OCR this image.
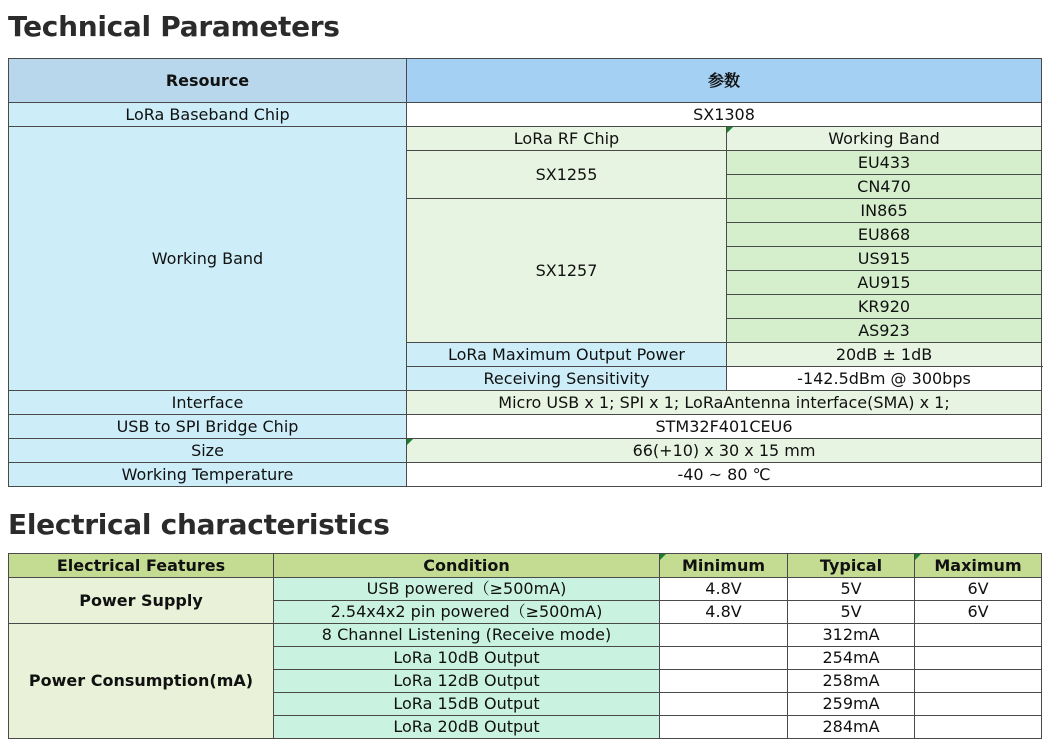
Technical Parameters
Resource	参数	
LoRa Baseband Chip	SX1308	
Working Band	LoRa RF Chip	Working Band
	SX1255	EU433
		CN470
	SX1257	IN865
		EU868
		US915
		AU915
		KR920
		AS923
	LoRa Maximum Output Power	20dB ± 1dB
	Receiving Sensitivity	-142.5dBm @ 300bps
Interface	Micro USB x 1; SPI x 1; LoRaAntenna interface(SMA) x 1;	
USB to SPI Bridge Chip	STM32F401CEU6	
Size	66(+10) x 30 x 15 mm	
Working Temperature	-40 ~ 80 ℃	
Electrical characteristics
Electrical Features	Condition	Minimum	Typical	Maximum
Power Supply	USB powered（≥500mA)	4.8V	5V	6V
	2.54x4x2 pin powered（≥500mA)	4.8V	5V	6V
Power Consumption(mA)	8 Channel Listening (Receive mode)		312mA	
	LoRa 10dB Output		254mA	
	LoRa 12dB Output		258mA	
	LoRa 15dB Output		259mA	
	LoRa 20dB Output		284mA	
